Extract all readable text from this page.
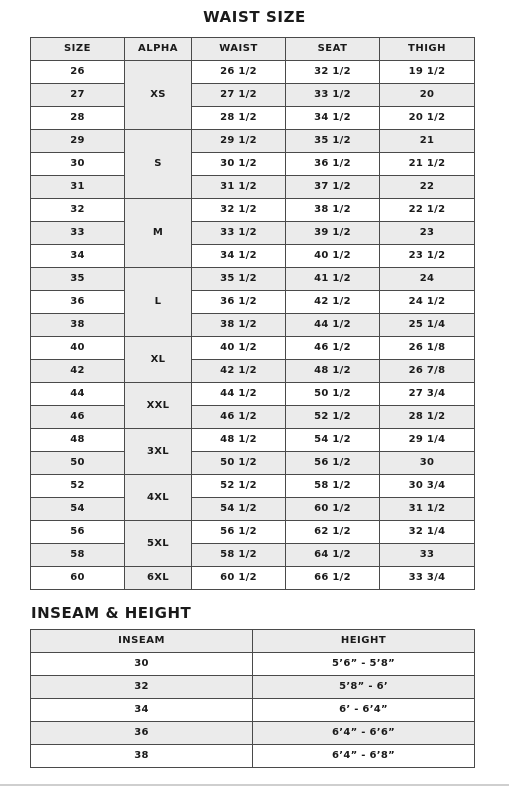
WAIST SIZE
SIZE	ALPHA	WAIST	SEAT	THIGH
26	XS	26 1/2	32 1/2	19 1/2
27		27 1/2	33 1/2	20
28		28 1/2	34 1/2	20 1/2
29	S	29 1/2	35 1/2	21
30		30 1/2	36 1/2	21 1/2
31		31 1/2	37 1/2	22
32	M	32 1/2	38 1/2	22 1/2
33		33 1/2	39 1/2	23
34		34 1/2	40 1/2	23 1/2
35	L	35 1/2	41 1/2	24
36		36 1/2	42 1/2	24 1/2
38		38 1/2	44 1/2	25 1/4
40	XL	40 1/2	46 1/2	26 1/8
42		42 1/2	48 1/2	26 7/8
44	XXL	44 1/2	50 1/2	27 3/4
46		46 1/2	52 1/2	28 1/2
48	3XL	48 1/2	54 1/2	29 1/4
50		50 1/2	56 1/2	30
52	4XL	52 1/2	58 1/2	30 3/4
54		54 1/2	60 1/2	31 1/2
56	5XL	56 1/2	62 1/2	32 1/4
58		58 1/2	64 1/2	33
60	6XL	60 1/2	66 1/2	33 3/4
INSEAM & HEIGHT
INSEAM	HEIGHT
30	5’6” - 5’8”
32	5’8” - 6’
34	6’ - 6’4”
36	6’4” - 6’6”
38	6’4” - 6’8”
